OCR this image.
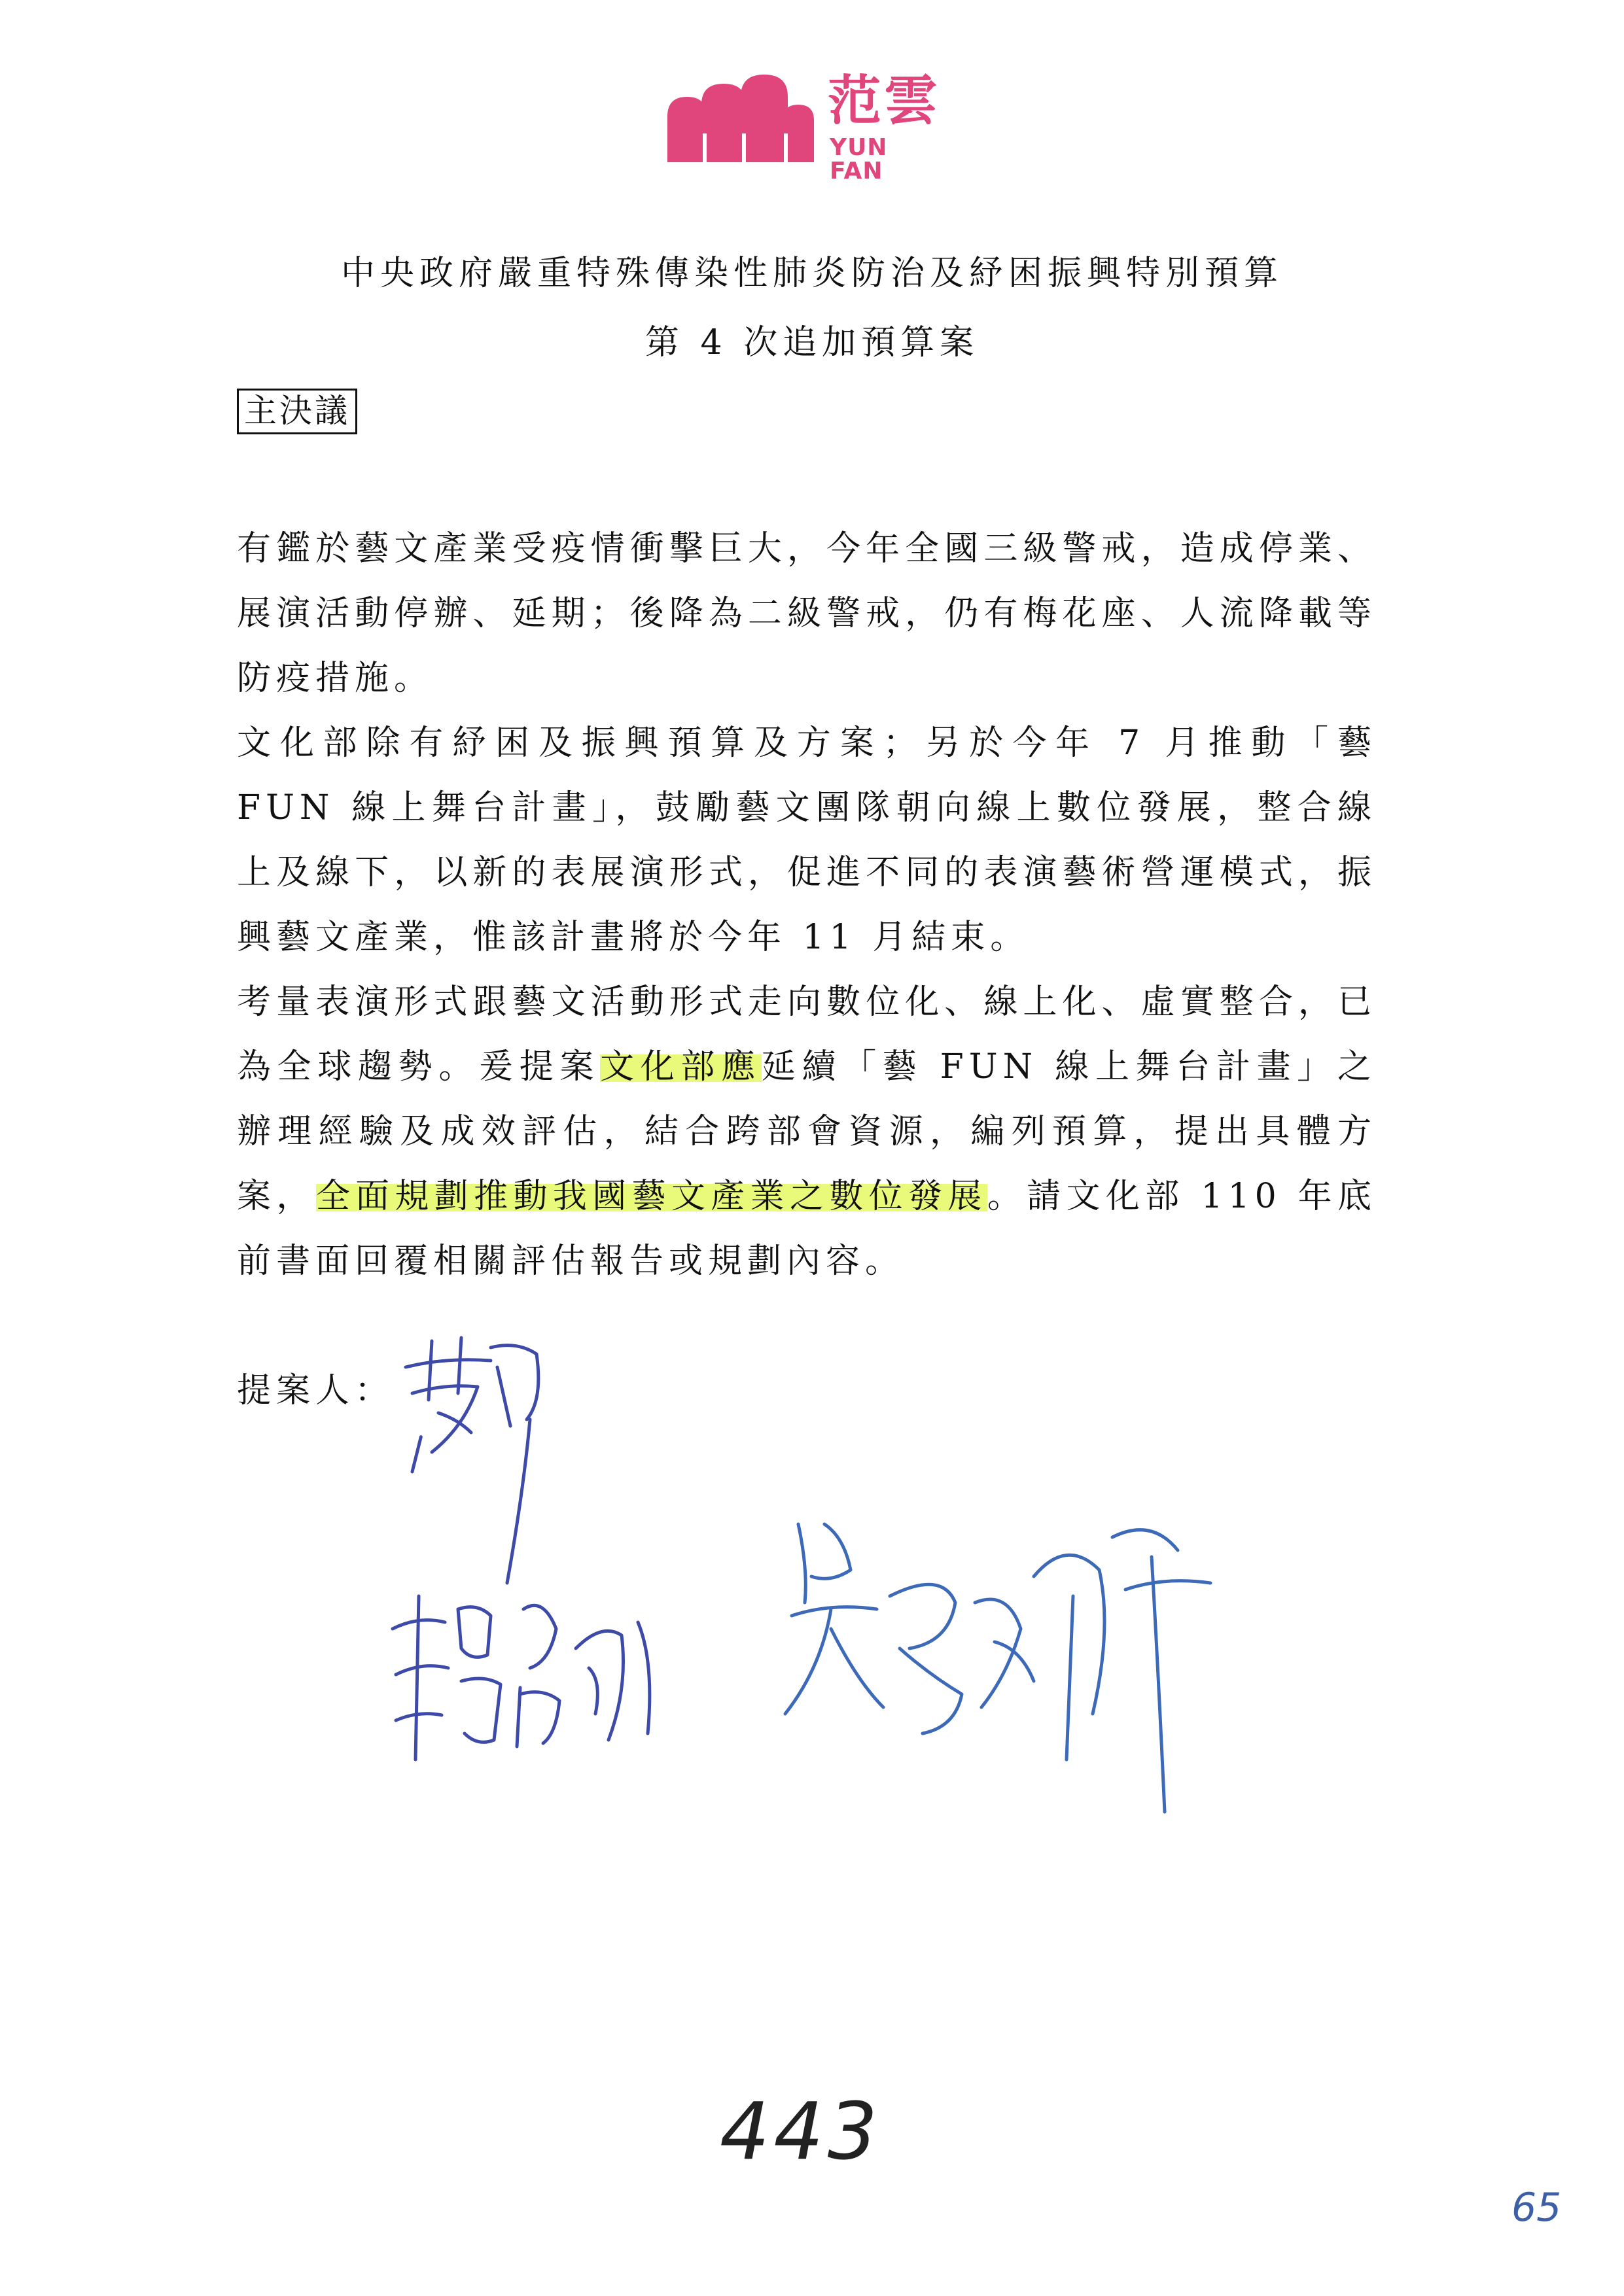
范雲
YUN FAN
中央政府嚴重特殊傳染性肺炎防治及紓困振興特別預算
第 4 次追加預算案
主決議

有鑑於藝文產業受疫情衝擊巨大，今年全國三級警戒，造成停業、展演活動停辦、延期；後降為二級警戒，仍有梅花座、人流降載等防疫措施。

文化部除有紓困及振興預算及方案；另於今年 7 月推動「藝 FUN 線上舞台計畫」，鼓勵藝文團隊朝向線上數位發展，整合線上及線下，以新的表展演形式，促進不同的表演藝術營運模式，振興藝文產業，惟該計畫將於今年 11 月結束。

考量表演形式跟藝文活動形式走向數位化、線上化、虛實整合，已為全球趨勢。爰提案文化部應延續「藝 FUN 線上舞台計畫」之辦理經驗及成效評估，結合跨部會資源，編列預算，提出具體方案，全面規劃推動我國藝文產業之數位發展。請文化部 110 年底前書面回覆相關評估報告或規劃內容。

提案人：
443
65
